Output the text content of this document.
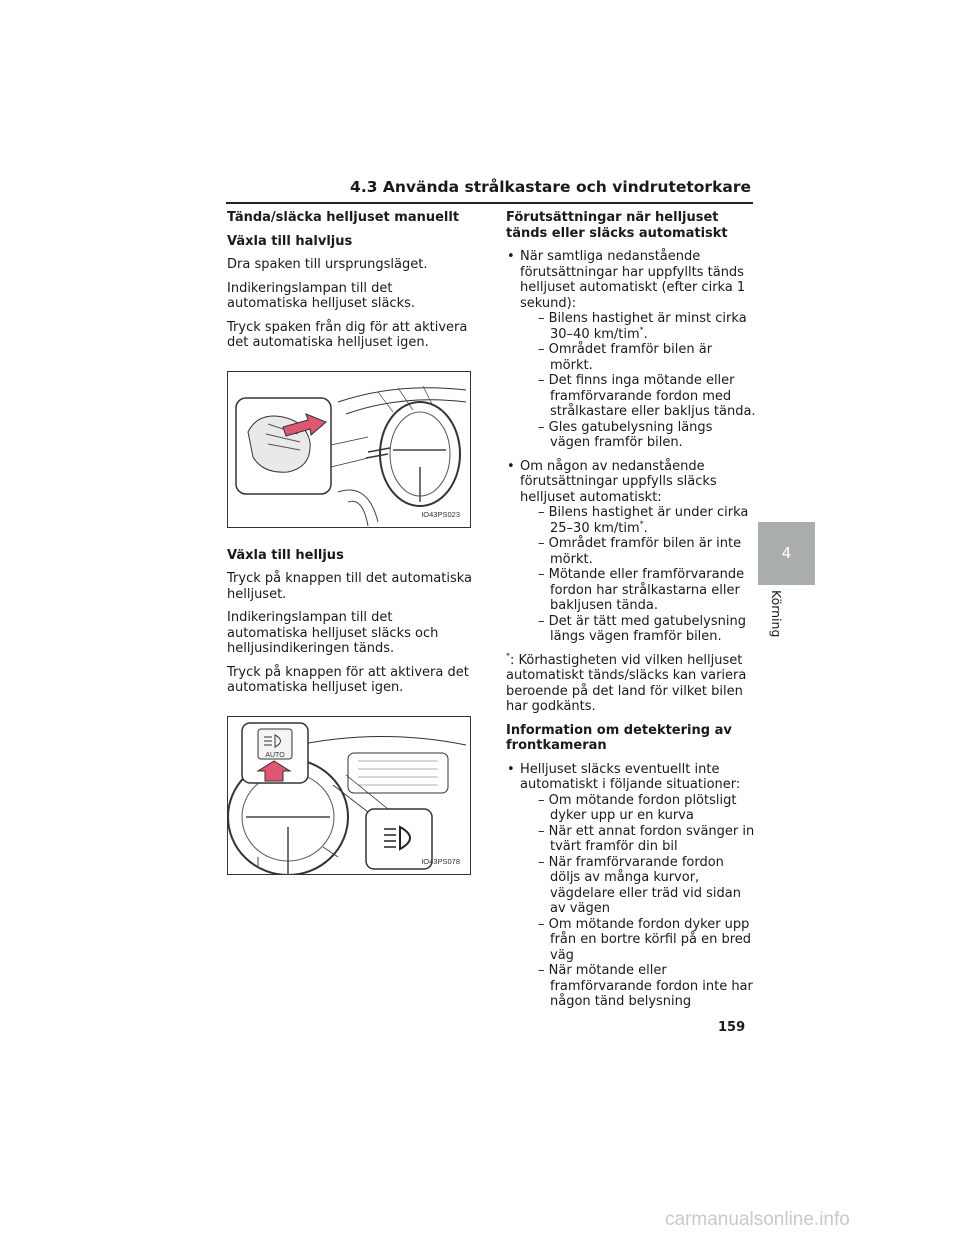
4.3 Använda strålkastare och vindrutetorkare
Tända/släcka helljuset manuellt
Växla till halvljus
Dra spaken till ursprungsläget.
Indikeringslampan till det automatiska helljuset släcks.
Tryck spaken från dig för att aktivera det automatiska helljuset igen.
IO43PS023
Växla till helljus
Tryck på knappen till det automatiska helljuset.
Indikeringslampan till det automatiska helljuset släcks och helljusindikeringen tänds.
Tryck på knappen för att aktivera det automatiska helljuset igen.
AUTO
IO43PS078
Förutsättningar när helljuset tänds eller släcks automatiskt
• När samtliga nedanstående förutsättningar har uppfyllts tänds helljuset automatiskt (efter cirka 1 sekund):
– Bilens hastighet är minst cirka 30–40 km/tim*.
– Området framför bilen är mörkt.
– Det finns inga mötande eller framförvarande fordon med strålkastare eller bakljus tända.
– Gles gatubelysning längs vägen framför bilen.
• Om någon av nedanstående förutsättningar uppfylls släcks helljuset automatiskt:
– Bilens hastighet är under cirka 25–30 km/tim*.
– Området framför bilen är inte mörkt.
– Mötande eller framförvarande fordon har strålkastarna eller bakljusen tända.
– Det är tätt med gatubelysning längs vägen framför bilen.
*: Körhastigheten vid vilken helljuset automatiskt tänds/släcks kan variera beroende på det land för vilket bilen har godkänts.
Information om detektering av frontkameran
• Helljuset släcks eventuellt inte automatiskt i följande situationer:
– Om mötande fordon plötsligt dyker upp ur en kurva
– När ett annat fordon svänger in tvärt framför din bil
– När framförvarande fordon döljs av många kurvor, vägdelare eller träd vid sidan av vägen
– Om mötande fordon dyker upp från en bortre körfil på en bred väg
– När mötande eller framförvarande fordon inte har någon tänd belysning
4
Körning
159
carmanualsonline.info
